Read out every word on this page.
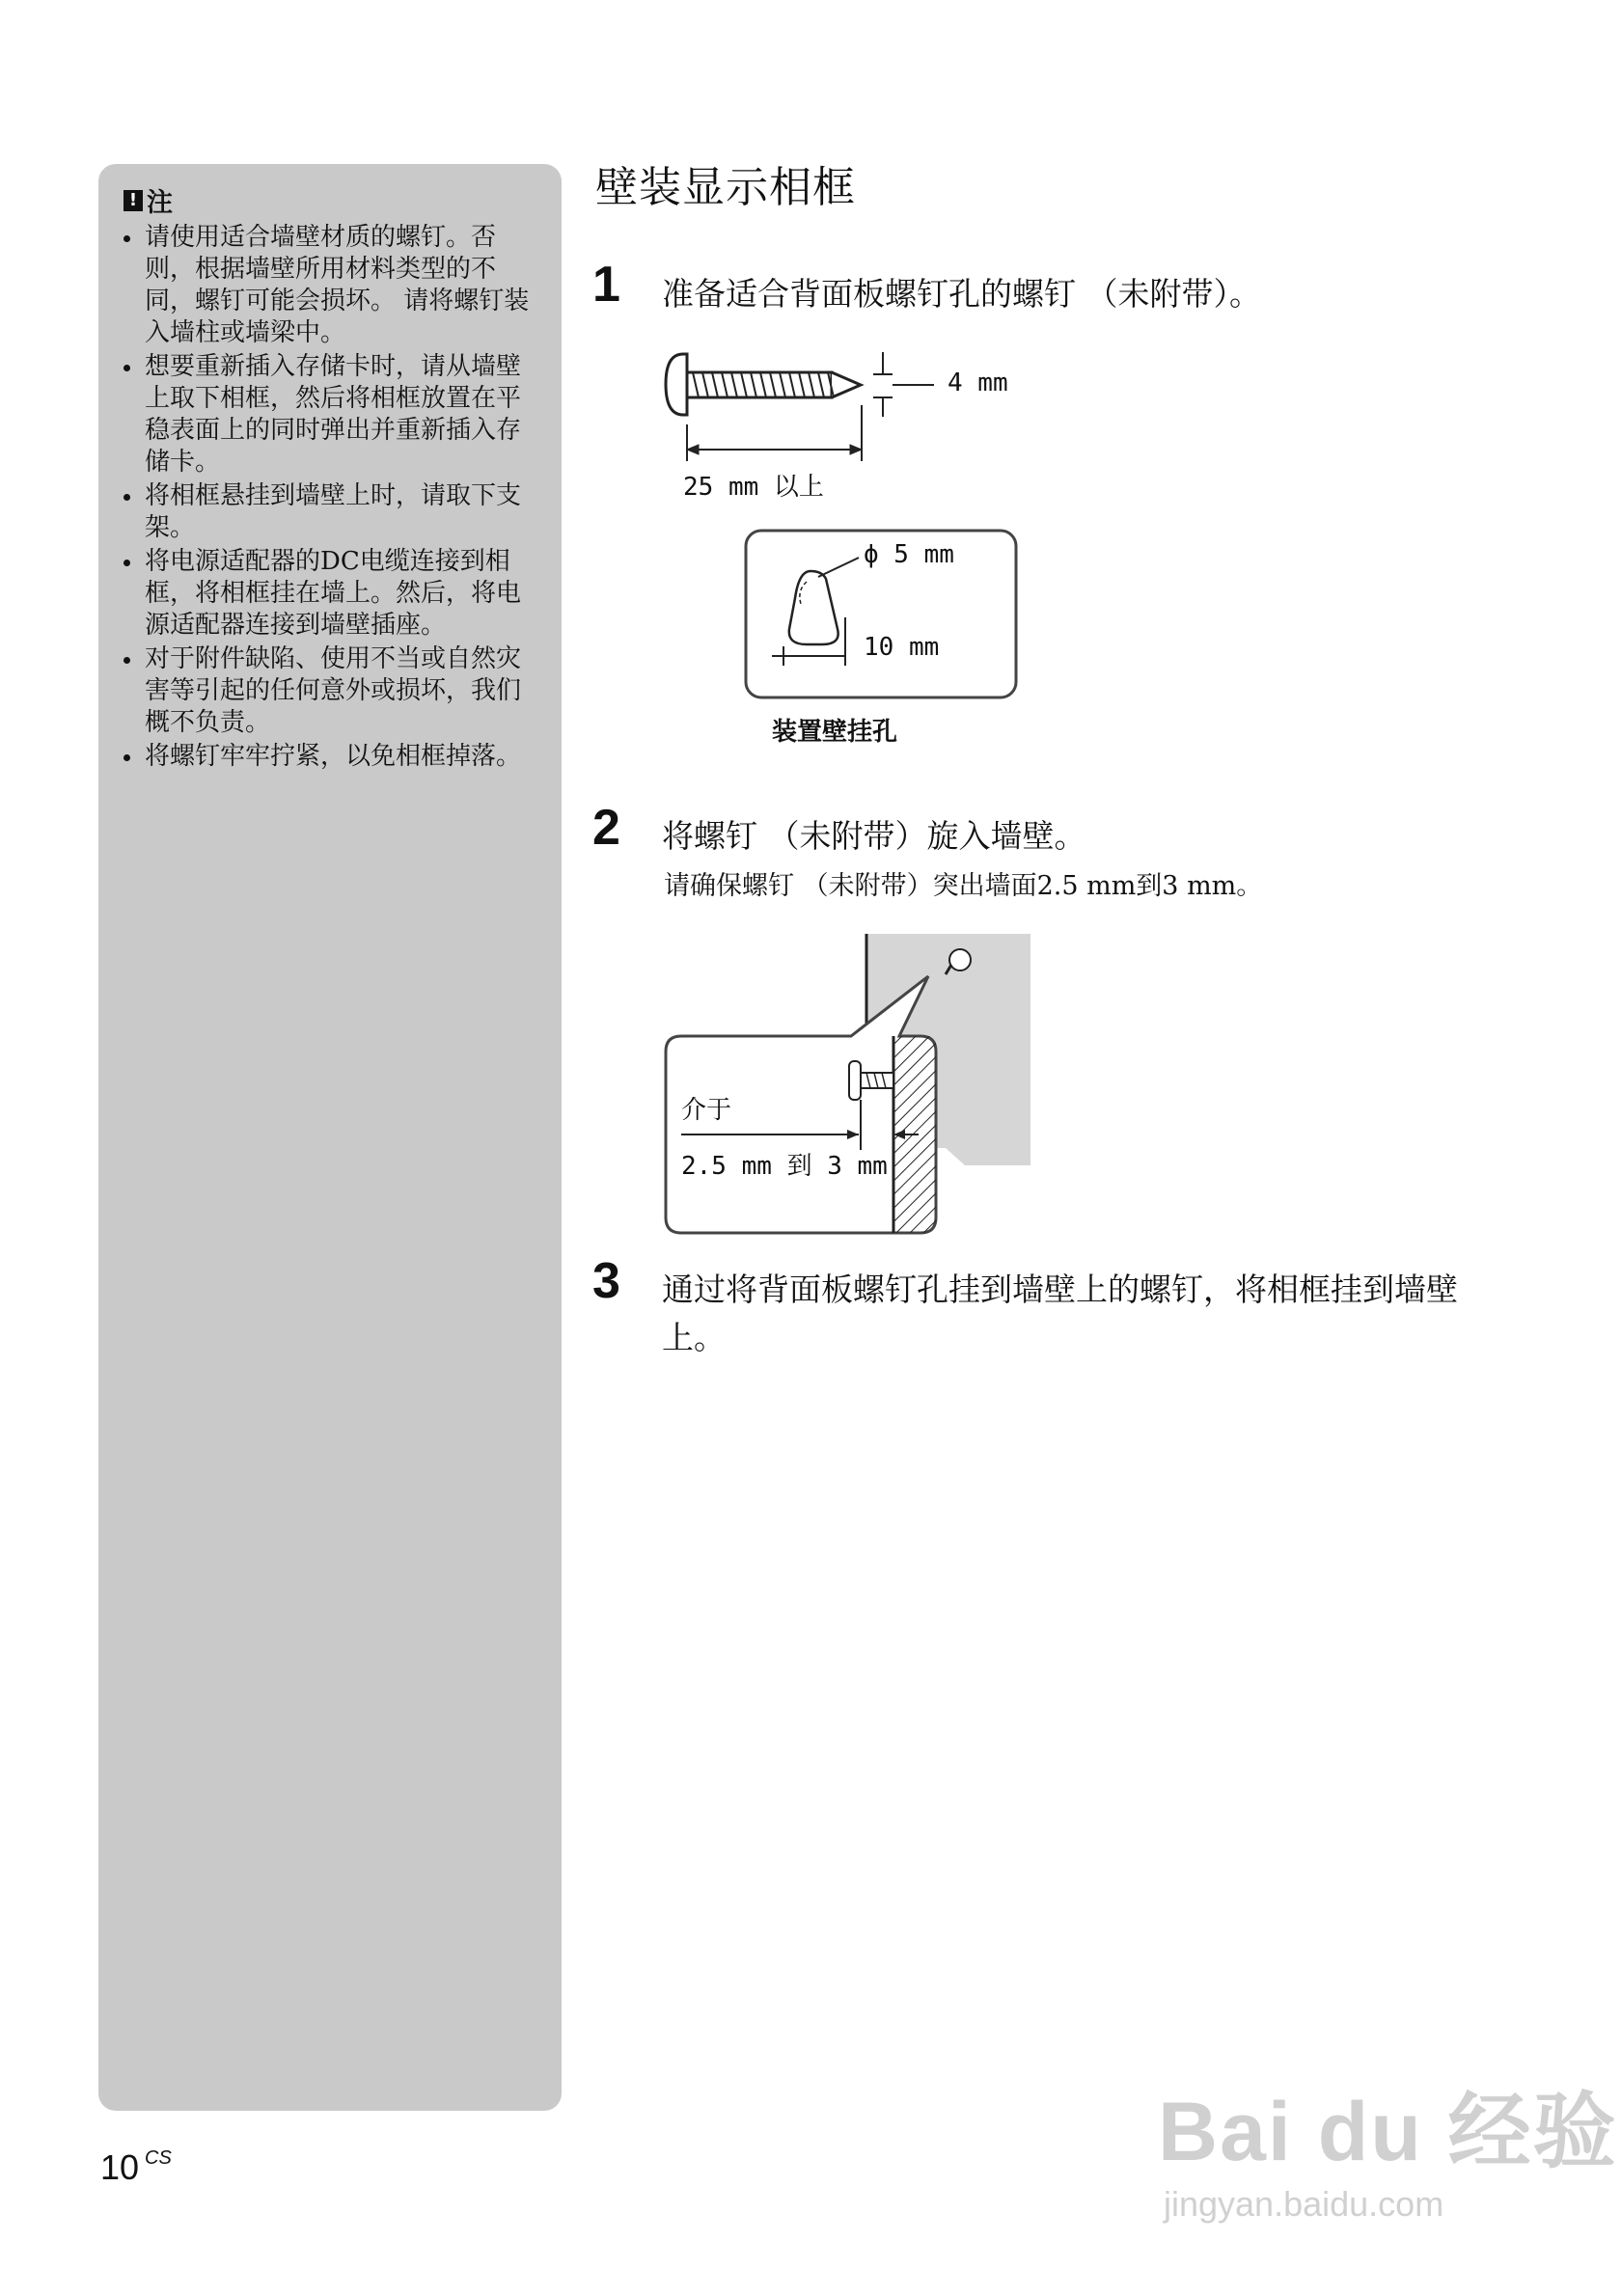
! 注
请使用适合墙壁材质的螺钉。否则，根据墙壁所用材料类型的不同，螺钉可能会损坏。 请将螺钉装入墙柱或墙梁中。
想要重新插入存储卡时，请从墙壁上取下相框，然后将相框放置在平稳表面上的同时弹出并重新插入存储卡。
将相框悬挂到墙壁上时，请取下支架。
将电源适配器的DC电缆连接到相框，将相框挂在墙上。然后，将电源适配器连接到墙壁插座。
对于附件缺陷、使用不当或自然灾害等引起的任何意外或损坏，我们概不负责。
将螺钉牢牢拧紧，以免相框掉落。
壁装显示相框
1 准备适合背面板螺钉孔的螺钉 （未附带）。
4 mm
25 mm 以上
ϕ 5 mm
10 mm
装置壁挂孔
2 将螺钉 （未附带）旋入墙壁。
请确保螺钉 （未附带）突出墙面2.5 mm到3 mm。
介于
2.5 mm 到 3 mm
3 通过将背面板螺钉孔挂到墙壁上的螺钉，将相框挂到墙壁上。
10 $^{CS}$	Bai du 经验
jingyan.baidu.com
